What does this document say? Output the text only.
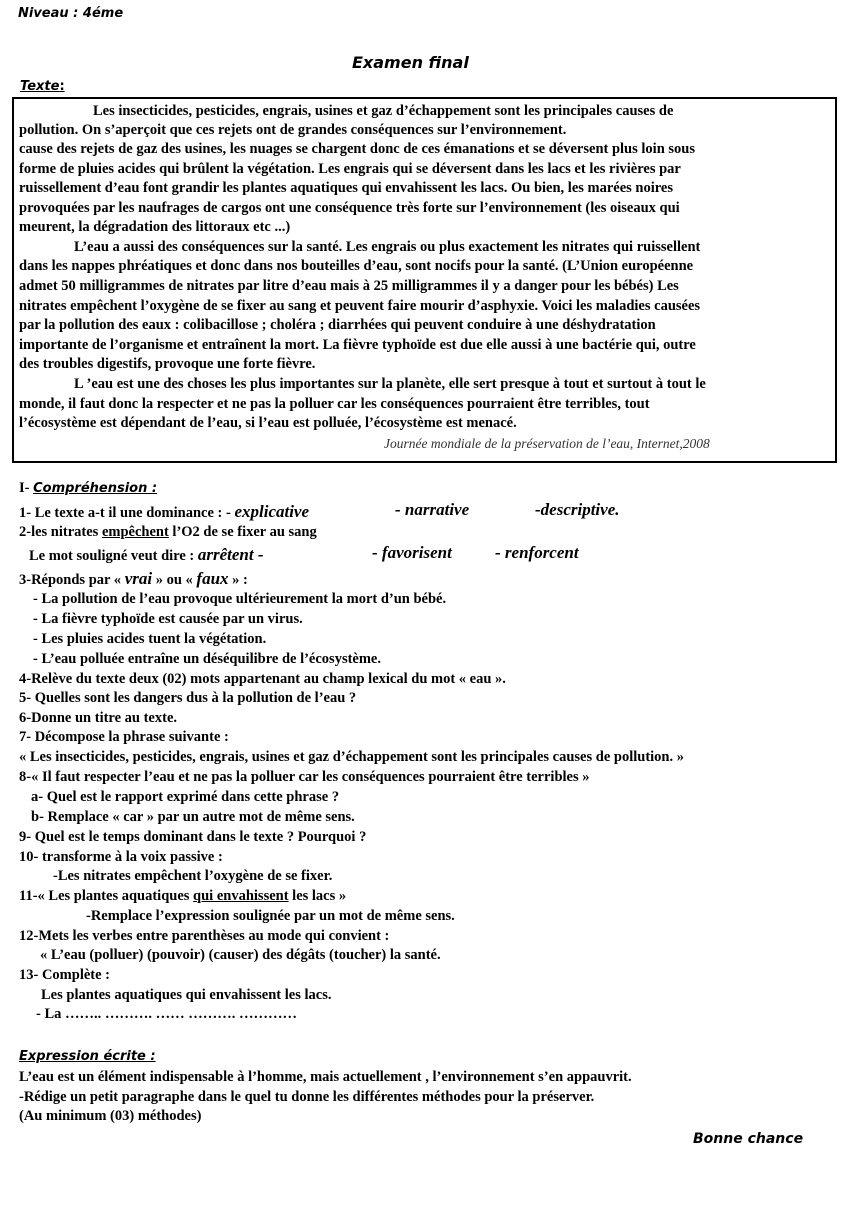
Niveau : 4éme
Examen final
Texte:
Les insecticides, pesticides, engrais, usines et gaz d’échappement sont les principales causes de
pollution. On s’aperçoit que ces rejets ont de grandes conséquences sur l’environnement.
cause des rejets de gaz des usines, les nuages se chargent donc de ces émanations et se déversent plus loin sous
forme de pluies acides qui brûlent la végétation. Les engrais qui se déversent dans les lacs et les rivières par
ruissellement d’eau font grandir les plantes aquatiques qui envahissent les lacs. Ou bien, les marées noires
provoquées par les naufrages de cargos ont une conséquence très forte sur l’environnement (les oiseaux qui
meurent, la dégradation des littoraux etc ...)
L’eau a aussi des conséquences sur la santé. Les engrais ou plus exactement les nitrates qui ruissellent
dans les nappes phréatiques et donc dans nos bouteilles d’eau, sont nocifs pour la santé. (L’Union européenne
admet 50 milligrammes de nitrates par litre d’eau mais à 25 milligrammes il y a danger pour les bébés) Les
nitrates empêchent l’oxygène de se fixer au sang et peuvent faire mourir d’asphyxie. Voici les maladies causées
par la pollution des eaux : colibacillose ; choléra ; diarrhées qui peuvent conduire à une déshydratation
importante de l’organisme et entraînent la mort. La fièvre typhoïde est due elle aussi à une bactérie qui, outre
des troubles digestifs, provoque une forte fièvre.
L ’eau est une des choses les plus importantes sur la planète, elle sert presque à tout et surtout à tout le
monde, il faut donc la respecter et ne pas la polluer car les conséquences pourraient être terribles, tout
l’écosystème est dépendant de l’eau, si l’eau est polluée, l’écosystème est menacé.
Journée mondiale de la préservation de l’eau, Internet,2008
I- Compréhension :
1- Le texte a-t il une dominance : - explicative	- narrative	-descriptive.
2-les nitrates empêchent l’O2 de se fixer au sang
Le mot souligné veut dire : arrêtent -	- favorisent	- renforcent
3-Réponds par « vrai » ou « faux » :
- La pollution de l’eau provoque ultérieurement la mort d’un bébé.
- La fièvre typhoïde est causée par un virus.
- Les pluies acides tuent la végétation.
- L’eau polluée entraîne un déséquilibre de l’écosystème.
4-Relève du texte deux (02) mots appartenant au champ lexical du mot « eau ».
5- Quelles sont les dangers dus à la pollution de l’eau ?
6-Donne un titre au texte.
7- Décompose la phrase suivante :
« Les insecticides, pesticides, engrais, usines et gaz d’échappement sont les principales causes de pollution. »
8-« Il faut respecter l’eau et ne pas la polluer car les conséquences pourraient être terribles »
a- Quel est le rapport exprimé dans cette phrase ?
b- Remplace « car » par un autre mot de même sens.
9- Quel est le temps dominant dans le texte ? Pourquoi ?
10- transforme à la voix passive :
-Les nitrates empêchent l’oxygène de se fixer.
11-« Les plantes aquatiques qui envahissent les lacs »
-Remplace l’expression soulignée par un mot de même sens.
12-Mets les verbes entre parenthèses au mode qui convient :
« L’eau (polluer) (pouvoir) (causer) des dégâts (toucher) la santé.
13- Complète :
Les plantes aquatiques qui envahissent les lacs.
- La …….. ………. …… ………. …………
Expression écrite :
L’eau est un élément indispensable à l’homme, mais actuellement , l’environnement s’en appauvrit.
-Rédige un petit paragraphe dans le quel tu donne les différentes méthodes pour la préserver.
(Au minimum (03) méthodes)
Bonne chance
